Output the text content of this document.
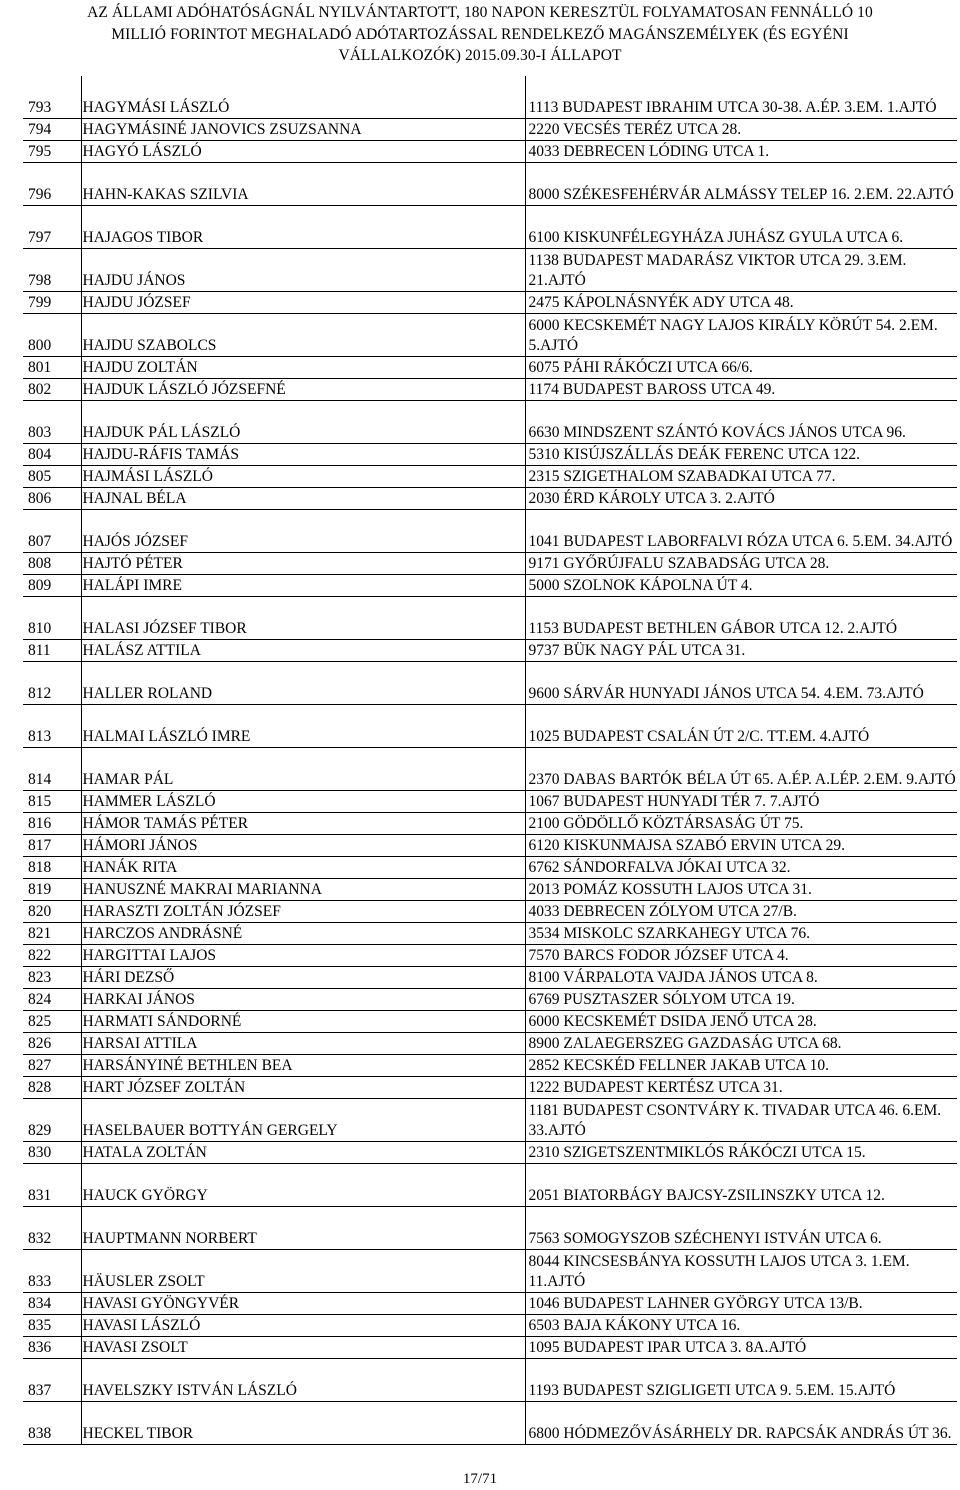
AZ ÁLLAMI ADÓHATÓSÁGNÁL NYILVÁNTARTOTT, 180 NAPON KERESZTÜL FOLYAMATOSAN FENNÁLLÓ 10
MILLIÓ FORINTOT MEGHALADÓ ADÓTARTOZÁSSAL RENDELKEZŐ MAGÁNSZEMÉLYEK (ÉS EGYÉNI
VÁLLALKOZÓK) 2015.09.30-I ÁLLAPOT
793	HAGYMÁSI LÁSZLÓ	1113 BUDAPEST IBRAHIM UTCA 30-38. A.ÉP. 3.EM. 1.AJTÓ
794	HAGYMÁSINÉ JANOVICS ZSUZSANNA	2220 VECSÉS TERÉZ UTCA 28.
795	HAGYÓ LÁSZLÓ	4033 DEBRECEN LÓDING UTCA 1.
796	HAHN-KAKAS SZILVIA	8000 SZÉKESFEHÉRVÁR ALMÁSSY TELEP 16. 2.EM. 22.AJTÓ
797	HAJAGOS TIBOR	6100 KISKUNFÉLEGYHÁZA JUHÁSZ GYULA UTCA 6.
798	HAJDU JÁNOS	1138 BUDAPEST MADARÁSZ VIKTOR UTCA 29. 3.EM. 21.AJTÓ
799	HAJDU JÓZSEF	2475 KÁPOLNÁSNYÉK ADY UTCA 48.
800	HAJDU SZABOLCS	6000 KECSKEMÉT NAGY LAJOS KIRÁLY KÖRÚT 54. 2.EM. 5.AJTÓ
801	HAJDU ZOLTÁN	6075 PÁHI RÁKÓCZI UTCA 66/6.
802	HAJDUK LÁSZLÓ JÓZSEFNÉ	1174 BUDAPEST BAROSS UTCA 49.
803	HAJDUK PÁL LÁSZLÓ	6630 MINDSZENT SZÁNTÓ KOVÁCS JÁNOS UTCA 96.
804	HAJDU-RÁFIS TAMÁS	5310 KISÚJSZÁLLÁS DEÁK FERENC UTCA 122.
805	HAJMÁSI LÁSZLÓ	2315 SZIGETHALOM SZABADKAI UTCA 77.
806	HAJNAL BÉLA	2030 ÉRD KÁROLY UTCA 3. 2.AJTÓ
807	HAJÓS JÓZSEF	1041 BUDAPEST LABORFALVI RÓZA UTCA 6. 5.EM. 34.AJTÓ
808	HAJTÓ PÉTER	9171 GYŐRÚJFALU SZABADSÁG UTCA 28.
809	HALÁPI IMRE	5000 SZOLNOK KÁPOLNA ÚT 4.
810	HALASI JÓZSEF TIBOR	1153 BUDAPEST BETHLEN GÁBOR UTCA 12. 2.AJTÓ
811	HALÁSZ ATTILA	9737 BÜK NAGY PÁL UTCA 31.
812	HALLER ROLAND	9600 SÁRVÁR HUNYADI JÁNOS UTCA 54. 4.EM. 73.AJTÓ
813	HALMAI LÁSZLÓ IMRE	1025 BUDAPEST CSALÁN ÚT 2/C. TT.EM. 4.AJTÓ
814	HAMAR PÁL	2370 DABAS BARTÓK BÉLA ÚT 65. A.ÉP. A.LÉP. 2.EM. 9.AJTÓ
815	HAMMER LÁSZLÓ	1067 BUDAPEST HUNYADI TÉR 7. 7.AJTÓ
816	HÁMOR TAMÁS PÉTER	2100 GÖDÖLLŐ KÖZTÁRSASÁG ÚT 75.
817	HÁMORI JÁNOS	6120 KISKUNMAJSA SZABÓ ERVIN UTCA 29.
818	HANÁK RITA	6762 SÁNDORFALVA JÓKAI UTCA 32.
819	HANUSZNÉ MAKRAI MARIANNA	2013 POMÁZ KOSSUTH LAJOS UTCA 31.
820	HARASZTI ZOLTÁN JÓZSEF	4033 DEBRECEN ZÓLYOM UTCA 27/B.
821	HARCZOS ANDRÁSNÉ	3534 MISKOLC SZARKAHEGY UTCA 76.
822	HARGITTAI LAJOS	7570 BARCS FODOR JÓZSEF UTCA 4.
823	HÁRI DEZSŐ	8100 VÁRPALOTA VAJDA JÁNOS UTCA 8.
824	HARKAI JÁNOS	6769 PUSZTASZER SÓLYOM UTCA 19.
825	HARMATI SÁNDORNÉ	6000 KECSKEMÉT DSIDA JENŐ UTCA 28.
826	HARSAI ATTILA	8900 ZALAEGERSZEG GAZDASÁG UTCA 68.
827	HARSÁNYINÉ BETHLEN BEA	2852 KECSKÉD FELLNER JAKAB UTCA 10.
828	HART JÓZSEF ZOLTÁN	1222 BUDAPEST KERTÉSZ UTCA 31.
829	HASELBAUER BOTTYÁN GERGELY	1181 BUDAPEST CSONTVÁRY K. TIVADAR UTCA 46. 6.EM. 33.AJTÓ
830	HATALA ZOLTÁN	2310 SZIGETSZENTMIKLÓS RÁKÓCZI UTCA 15.
831	HAUCK GYÖRGY	2051 BIATORBÁGY BAJCSY-ZSILINSZKY UTCA 12.
832	HAUPTMANN NORBERT	7563 SOMOGYSZOB SZÉCHENYI ISTVÁN UTCA 6.
833	HÄUSLER ZSOLT	8044 KINCSESBÁNYA KOSSUTH LAJOS UTCA 3. 1.EM. 11.AJTÓ
834	HAVASI GYÖNGYVÉR	1046 BUDAPEST LAHNER GYÖRGY UTCA 13/B.
835	HAVASI LÁSZLÓ	6503 BAJA KÁKONY UTCA 16.
836	HAVASI ZSOLT	1095 BUDAPEST IPAR UTCA 3. 8A.AJTÓ
837	HAVELSZKY ISTVÁN LÁSZLÓ	1193 BUDAPEST SZIGLIGETI UTCA 9. 5.EM. 15.AJTÓ
838	HECKEL TIBOR	6800 HÓDMEZŐVÁSÁRHELY DR. RAPCSÁK ANDRÁS ÚT 36.
17/71
